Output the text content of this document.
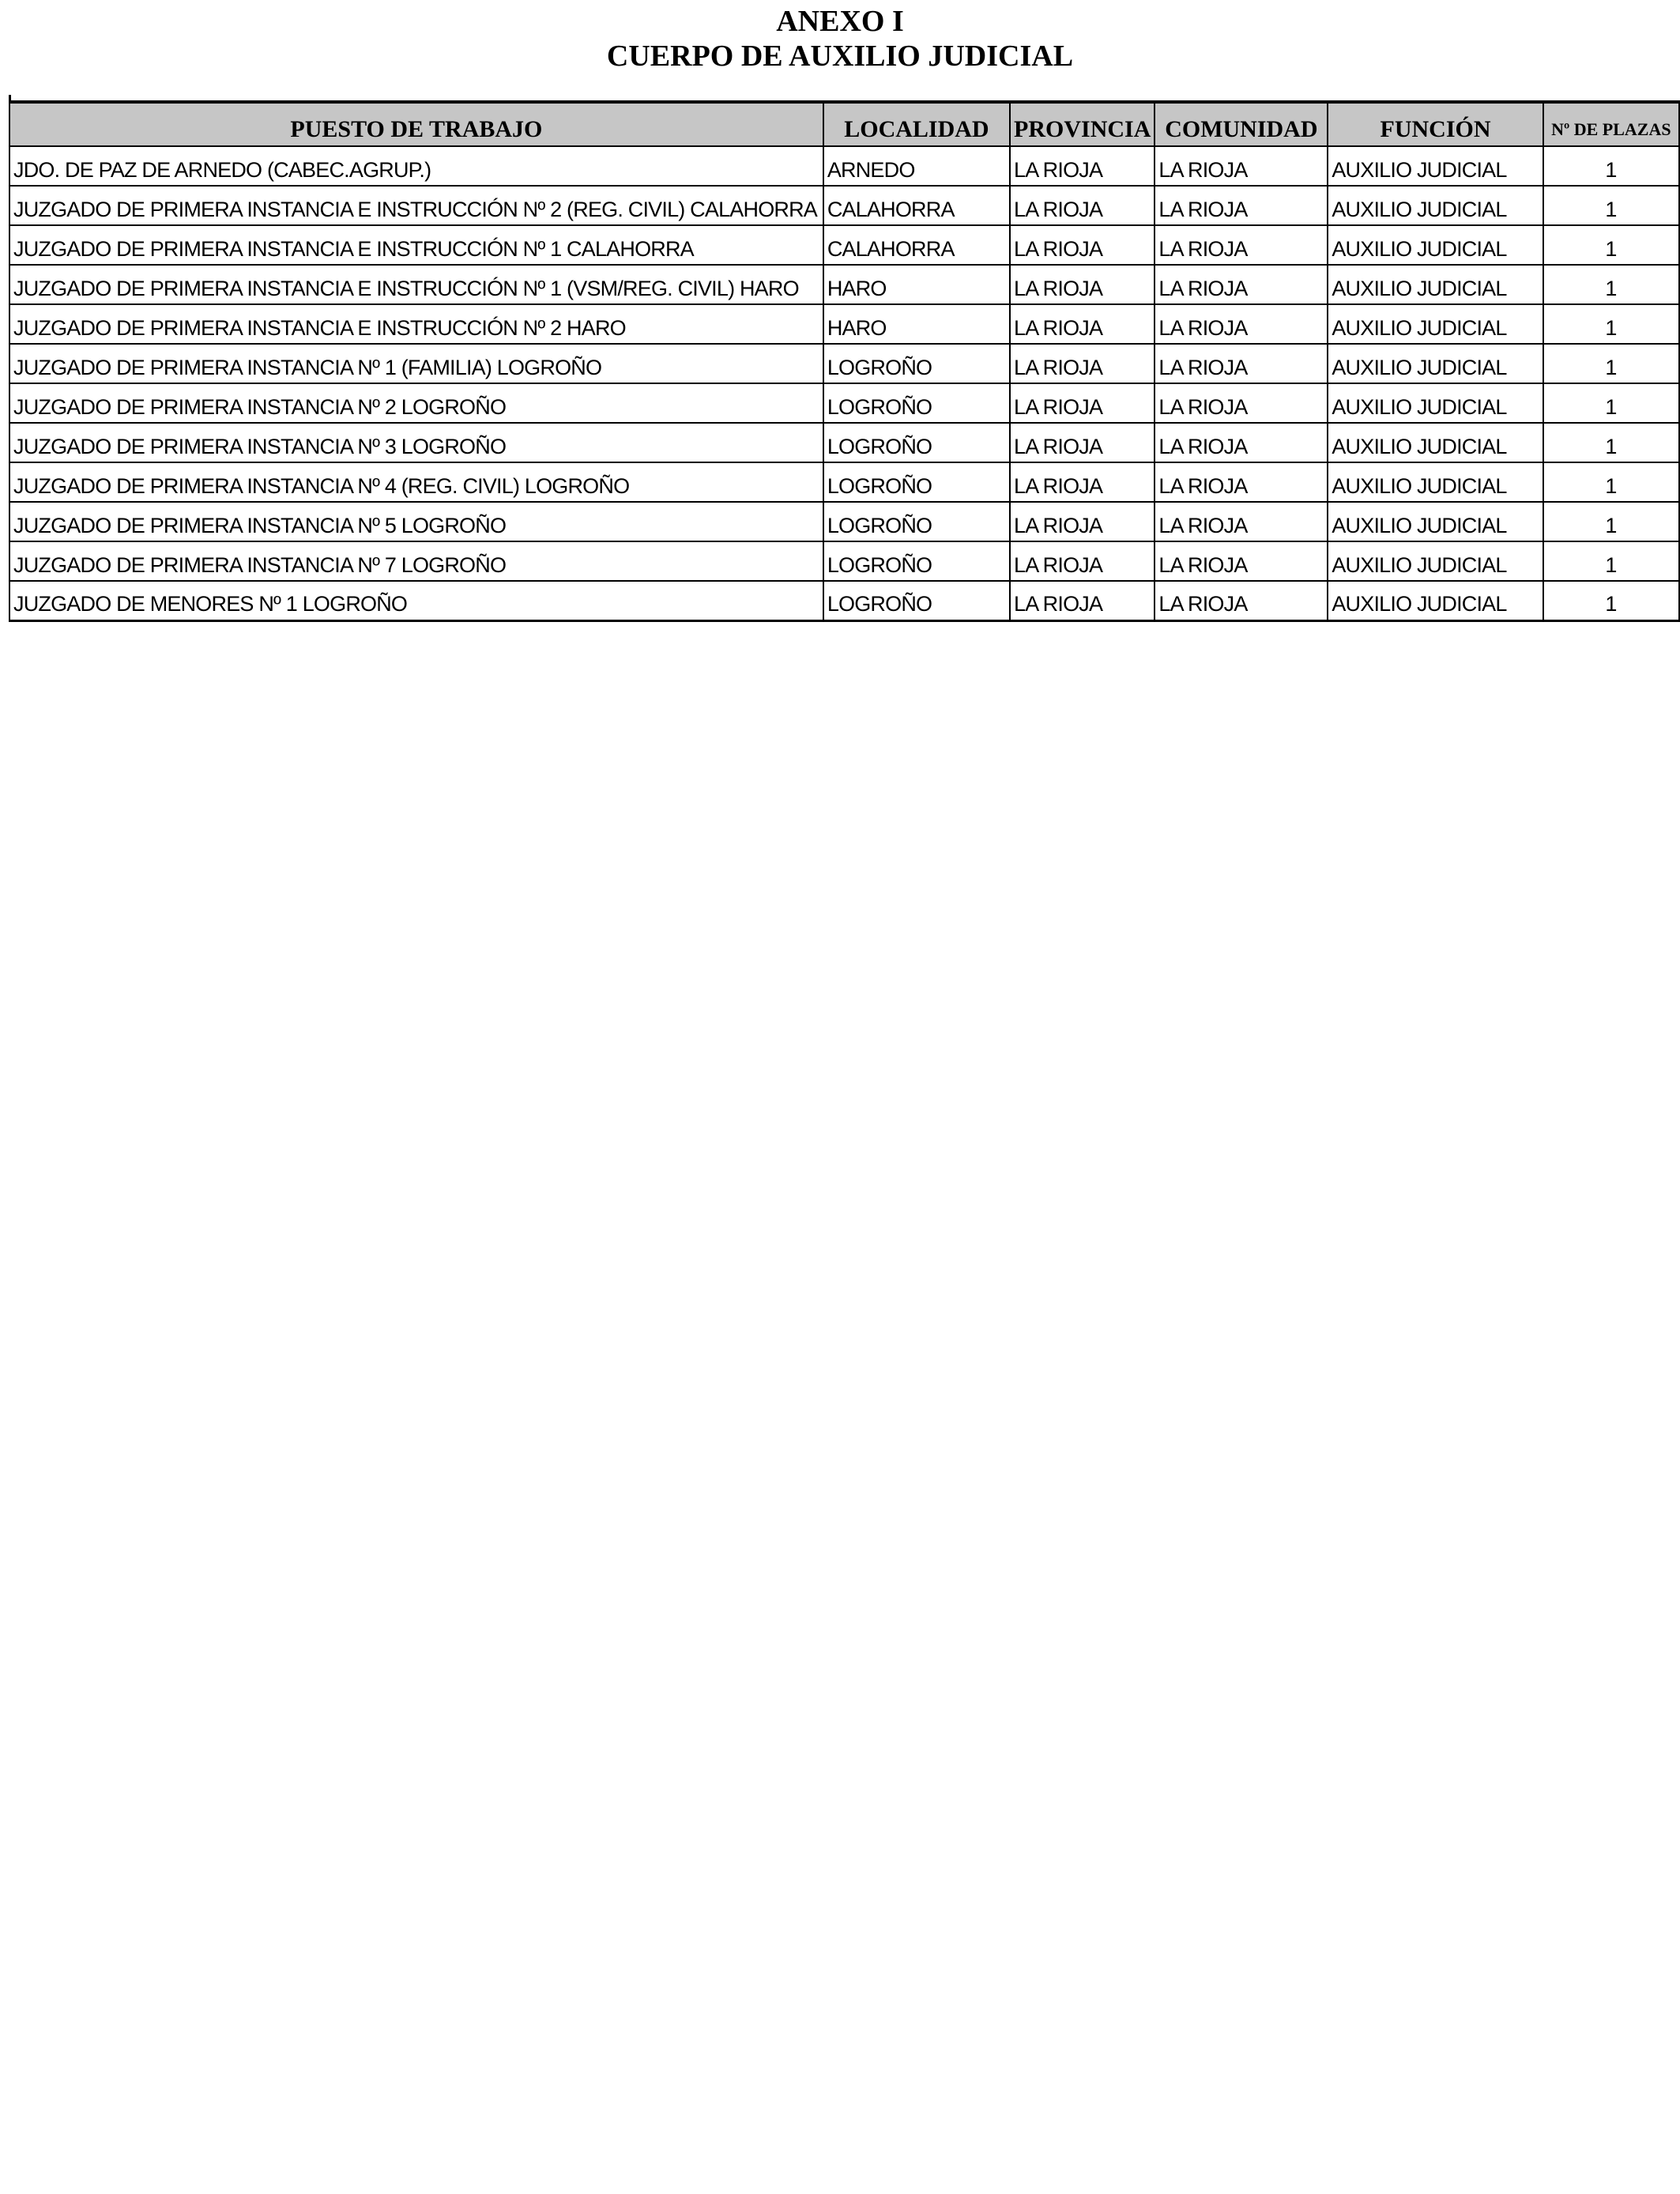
ANEXO I
CUERPO DE AUXILIO JUDICIAL
PUESTO DE TRABAJO	LOCALIDAD	PROVINCIA	COMUNIDAD	FUNCIÓN	Nº DE PLAZAS
JDO. DE PAZ DE ARNEDO (CABEC.AGRUP.)	ARNEDO	LA RIOJA	LA RIOJA	AUXILIO JUDICIAL	1
JUZGADO DE PRIMERA INSTANCIA E INSTRUCCIÓN Nº 2 (REG. CIVIL) CALAHORRA	CALAHORRA	LA RIOJA	LA RIOJA	AUXILIO JUDICIAL	1
JUZGADO DE PRIMERA INSTANCIA E INSTRUCCIÓN Nº 1 CALAHORRA	CALAHORRA	LA RIOJA	LA RIOJA	AUXILIO JUDICIAL	1
JUZGADO DE PRIMERA INSTANCIA E INSTRUCCIÓN Nº 1 (VSM/REG. CIVIL) HARO	HARO	LA RIOJA	LA RIOJA	AUXILIO JUDICIAL	1
JUZGADO DE PRIMERA INSTANCIA E INSTRUCCIÓN Nº 2 HARO	HARO	LA RIOJA	LA RIOJA	AUXILIO JUDICIAL	1
JUZGADO DE PRIMERA INSTANCIA Nº 1 (FAMILIA) LOGROÑO	LOGROÑO	LA RIOJA	LA RIOJA	AUXILIO JUDICIAL	1
JUZGADO DE PRIMERA INSTANCIA Nº 2 LOGROÑO	LOGROÑO	LA RIOJA	LA RIOJA	AUXILIO JUDICIAL	1
JUZGADO DE PRIMERA INSTANCIA Nº 3 LOGROÑO	LOGROÑO	LA RIOJA	LA RIOJA	AUXILIO JUDICIAL	1
JUZGADO DE PRIMERA INSTANCIA Nº 4 (REG. CIVIL) LOGROÑO	LOGROÑO	LA RIOJA	LA RIOJA	AUXILIO JUDICIAL	1
JUZGADO DE PRIMERA INSTANCIA Nº 5 LOGROÑO	LOGROÑO	LA RIOJA	LA RIOJA	AUXILIO JUDICIAL	1
JUZGADO DE PRIMERA INSTANCIA Nº 7 LOGROÑO	LOGROÑO	LA RIOJA	LA RIOJA	AUXILIO JUDICIAL	1
JUZGADO DE MENORES Nº 1 LOGROÑO	LOGROÑO	LA RIOJA	LA RIOJA	AUXILIO JUDICIAL	1
